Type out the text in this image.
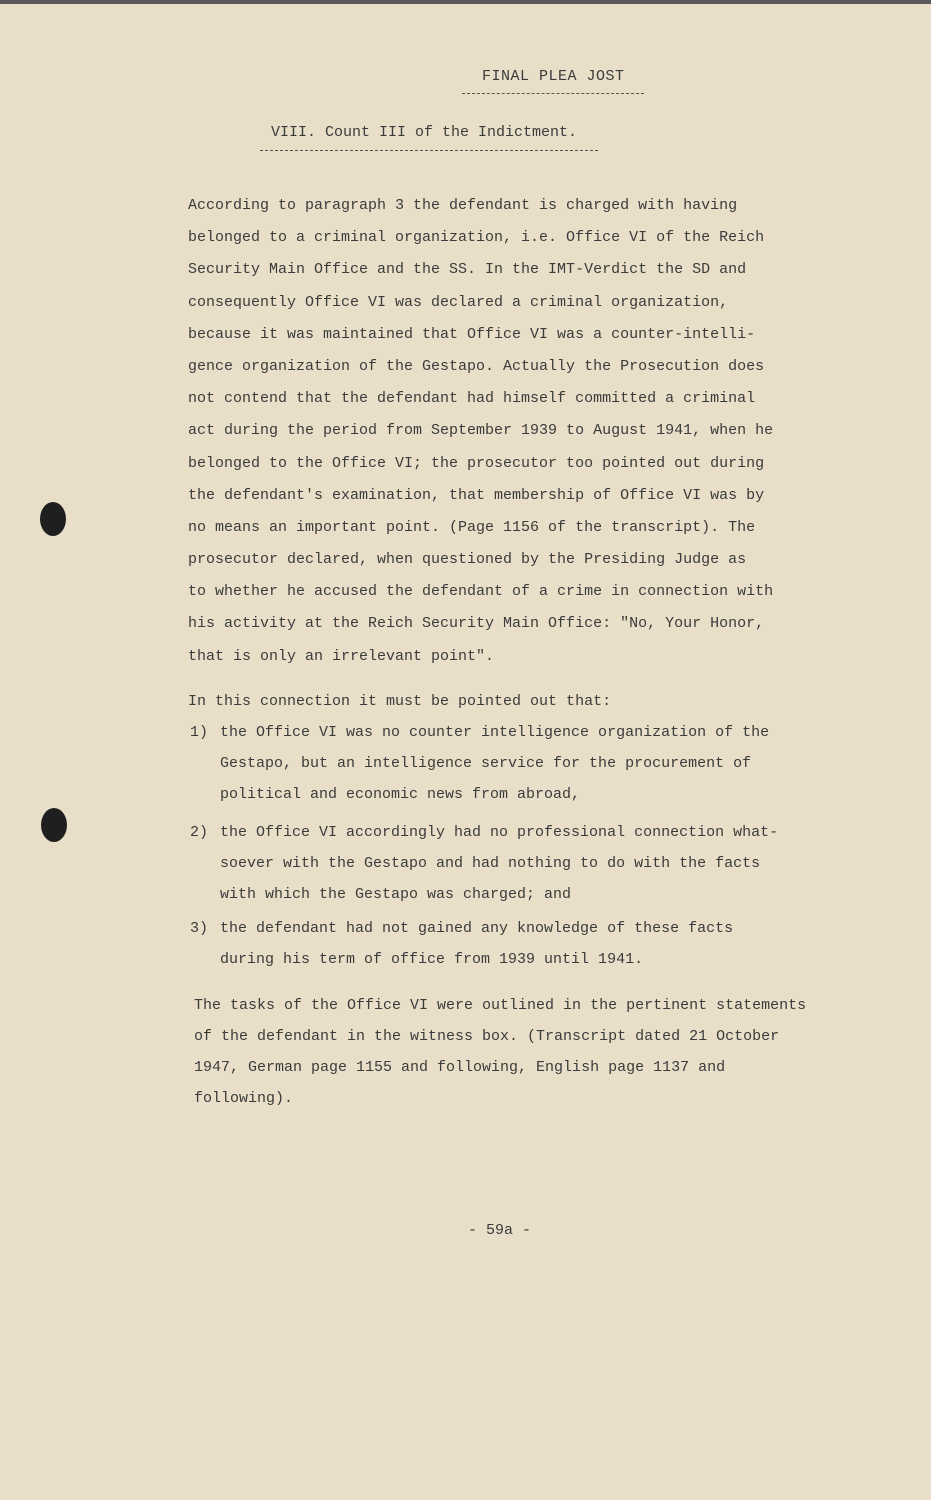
FINAL PLEA JOST
VIII. Count III of the Indictment.
According to paragraph 3 the defendant is charged with having
belonged to a criminal organization, i.e. Office VI of the Reich
Security Main Office and the SS. In the IMT-Verdict the SD and
consequently Office VI was declared a criminal organization,
because it was maintained that Office VI was a counter-intelli-
gence organization of the Gestapo. Actually the Prosecution does
not contend that the defendant had himself committed a criminal
act during the period from September 1939 to August 1941, when he
belonged to the Office VI; the prosecutor too pointed out during
the defendant's examination, that membership of Office VI was by
no means an important point. (Page 1156 of the transcript). The
prosecutor declared, when questioned by the Presiding Judge as
to whether he accused the defendant of a crime in connection with
his activity at the Reich Security Main Office: "No, Your Honor,
that is only an irrelevant point".
In this connection it must be pointed out that:
1) the Office VI was no counter intelligence organization of the
Gestapo, but an intelligence service for the procurement of
political and economic news from abroad,
2) the Office VI accordingly had no professional connection what-
soever with the Gestapo and had nothing to do with the facts
with which the Gestapo was charged; and
3) the defendant had not gained any knowledge of these facts
during his term of office from 1939 until 1941.
The tasks of the Office VI were outlined in the pertinent statements
of the defendant in the witness box. (Transcript dated 21 October
1947, German page 1155 and following, English page 1137 and
following).
- 59a -
